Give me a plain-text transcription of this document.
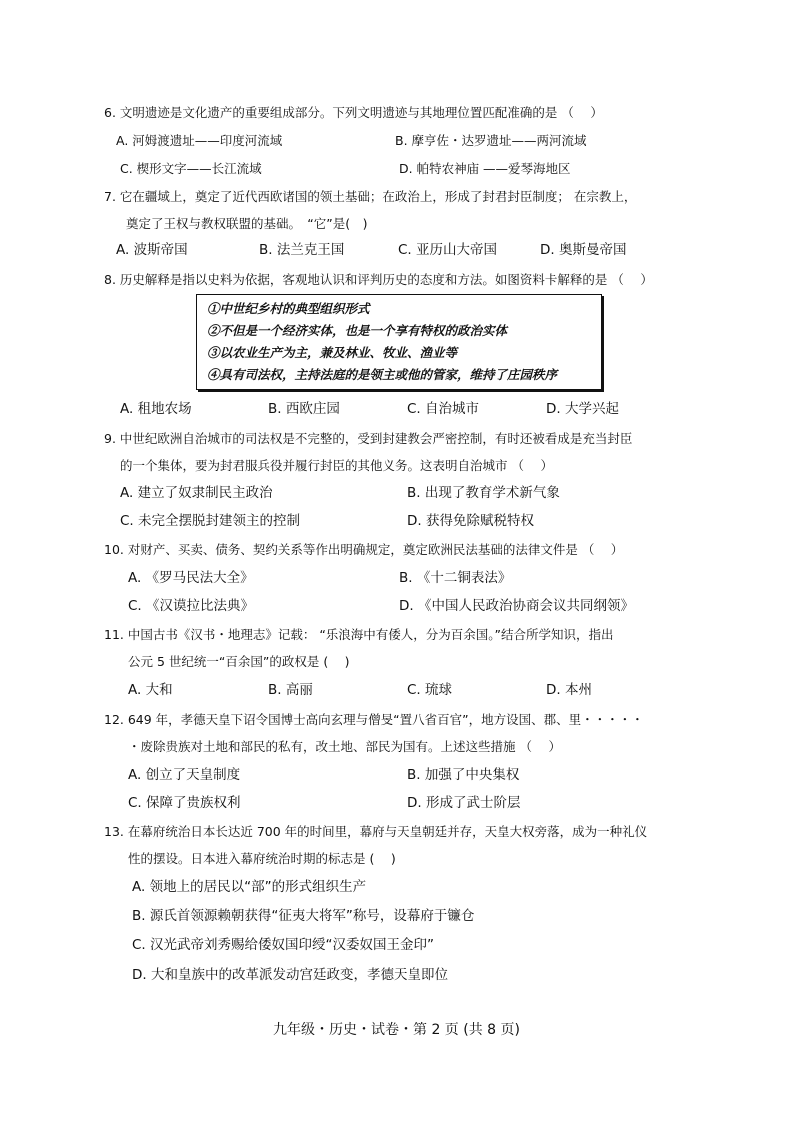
6. 文明遗迹是文化遗产的重要组成部分。下列文明遗迹与其地理位置匹配准确的是 （　 ）
A. 河姆渡遗址——印度河流域	B. 摩亨佐・达罗遗址——两河流域
C. 楔形文字——长江流域	D. 帕特农神庙 ——爱琴海地区
7. 它在疆域上，奠定了近代西欧诸国的领土基础；在政治上，形成了封君封臣制度； 在宗教上，
奠定了王权与教权联盟的基础。　“它”是(　)
A. 波斯帝国	B. 法兰克王国	C. 亚历山大帝国	D. 奥斯曼帝国
8. 历史解释是指以史料为依据，客观地认识和评判历史的态度和方法。如图资料卡解释的是 （　 ）
①中世纪乡村的典型组织形式
②不但是一个经济实体，也是一个享有特权的政治实体
③以农业生产为主，兼及林业、牧业、渔业等
④具有司法权，主持法庭的是领主或他的管家，维持了庄园秩序
A. 租地农场	B. 西欧庄园	C. 自治城市	D. 大学兴起
9. 中世纪欧洲自治城市的司法权是不完整的，受到封建教会严密控制，有时还被看成是充当封臣
的一个集体，要为封君服兵役并履行封臣的其他义务。这表明自治城市 （　 ）
A. 建立了奴隶制民主政治	B. 出现了教育学术新气象
C. 未完全摆脱封建领主的控制	D. 获得免除赋税特权
10. 对财产、买卖、债务、契约关系等作出明确规定，奠定欧洲民法基础的法律文件是 （　 ）
A. 《罗马民法大全》	B. 《十二铜表法》
C. 《汉谟拉比法典》	D. 《中国人民政治协商会议共同纲领》
11. 中国古书《汉书・地理志》记载： “乐浪海中有倭人，分为百余国。”结合所学知识，指出
公元 5 世纪统一“百余国”的政权是 (　 )
A. 大和	B. 高丽	C. 琉球	D. 本州
12. 649 年，孝德天皇下诏令国博士高向玄理与僧旻“置八省百官”，地方设国、郡、里・・・・・
・废除贵族对土地和部民的私有，改土地、部民为国有。上述这些措施 （　 ）
A. 创立了天皇制度	B. 加强了中央集权
C. 保障了贵族权利	D. 形成了武士阶层
13. 在幕府统治日本长达近 700 年的时间里，幕府与天皇朝廷并存，天皇大权旁落，成为一种礼仪
性的摆设。日本进入幕府统治时期的标志是 (　 )
A. 领地上的居民以“部”的形式组织生产
B. 源氏首领源赖朝获得“征夷大将军”称号，设幕府于镰仓
C. 汉光武帝刘秀赐给倭奴国印绶“汉委奴国王金印”
D. 大和皇族中的改革派发动宫廷政变，孝德天皇即位
九年级・历史・试卷・第 2 页 (共 8 页)
